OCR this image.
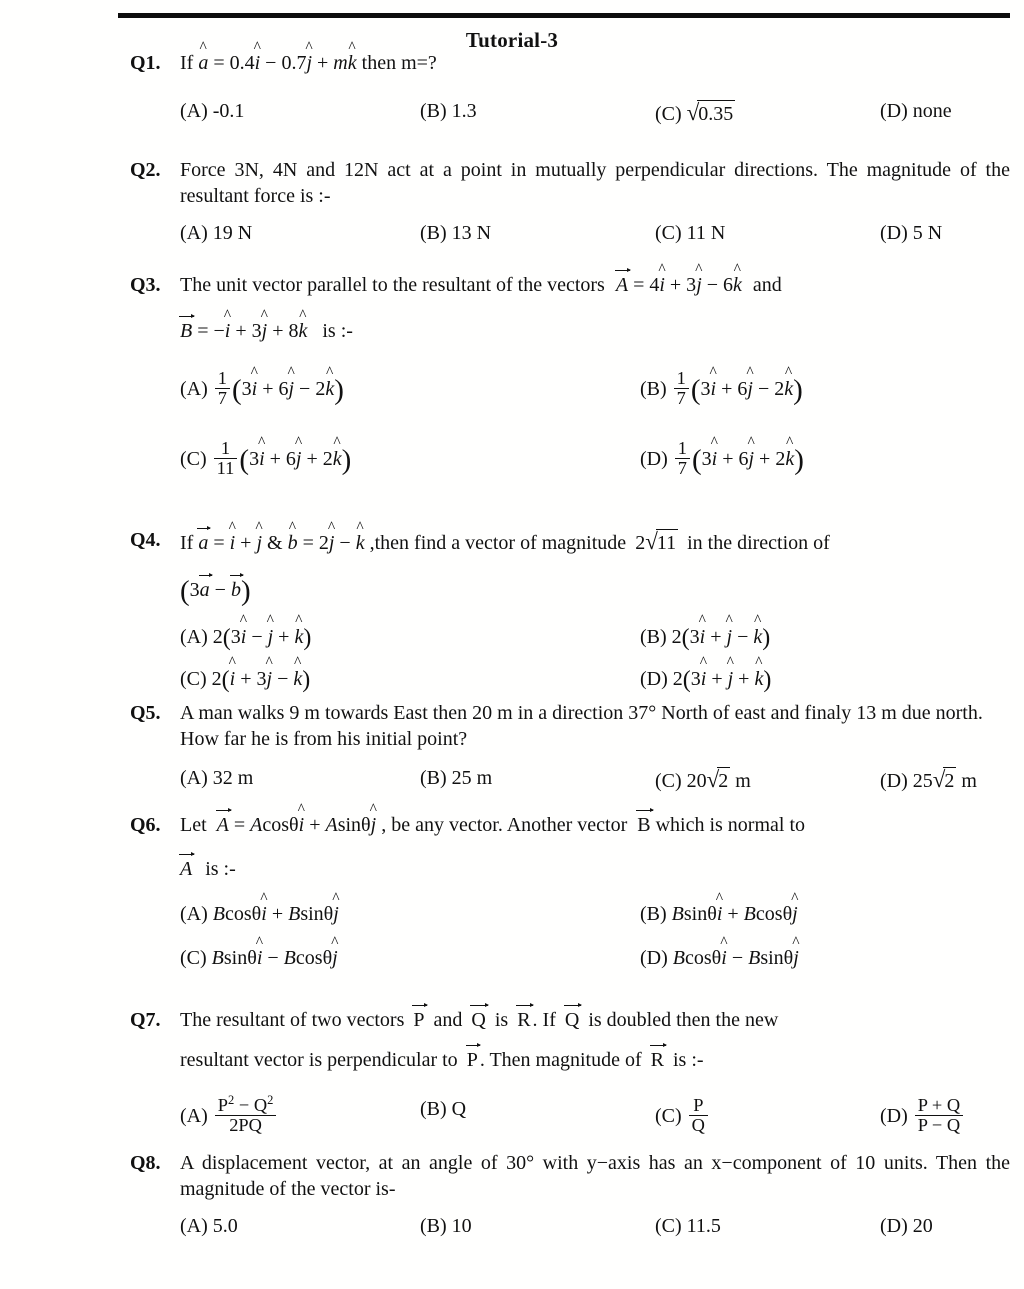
Tutorial-3
Q1. If a ^ = 0.4i ^ − 0.7j ^ + mk ^ then m=?
(A) -0.1	(B) 1.3	(C) √0.35	(D) none
Q2. Force 3N, 4N and 12N act at a point in mutually perpendicular directions. The magnitude of the resultant force is :-
(A) 19 N	(B) 13 N	(C) 11 N	(D) 5 N
Q3. The unit vector parallel to the resultant of the vectors A = 4i ^ + 3j ^ − 6k ^ and
B = −i ^ + 3j ^ + 8k ^ is :-
$(A) \frac{1}{7} (3i$ ^ + 6j ^ − 2k ^)	$(B) \frac{1}{7} (3i$ ^ + 6j ^ − 2k ^)
$(C) \frac{1}{11} (3i$ ^ + 6j ^ + 2k ^)	$(D) \frac{1}{7} (3i$ ^ + 6j ^ + 2k ^)
Q4. If a = i ^ + j ^ & b ^ = 2j ^ − k ^ ,then find a vector of magnitude 2√11 in the direction of
(3a − b)
(A) 2(3i ^ − j ^ + k ^)	(B) 2(3i ^ + j ^ − k ^)
(C) 2(i ^ + 3j ^ − k ^)	(D) 2(3i ^ + j ^ + k ^)
Q5. A man walks 9 m towards East then 20 m in a direction 37° North of east and finaly 13 m due north. How far he is from his initial point?
(A) 32 m	(B) 25 m	(C) 20√2 m	(D) 25√2 m
Q6. Let A = Acosθi ^ + Asinθj ^ , be any vector. Another vector B which is normal to
A is :-
(A) Bcosθi ^ + Bsinθj ^	(B) Bsinθi ^ + Bcosθj ^
(C) Bsinθi ^ − Bcosθj ^	(D) Bcosθi ^ − Bsinθj ^
Q7. The resultant of two vectors P and Q is R . If Q is doubled then the new
resultant vector is perpendicular to P . Then magnitude of R is :-
$(A) \frac{P^2 - Q^2}{2PQ}$	(B) Q	$(C) \frac{P}{Q}$	$(D) \frac{P + Q}{P - Q}$
Q8. A displacement vector, at an angle of 30° with y−axis has an x−component of 10 units. Then the magnitude of the vector is-
(A) 5.0	(B) 10	(C) 11.5	(D) 20
